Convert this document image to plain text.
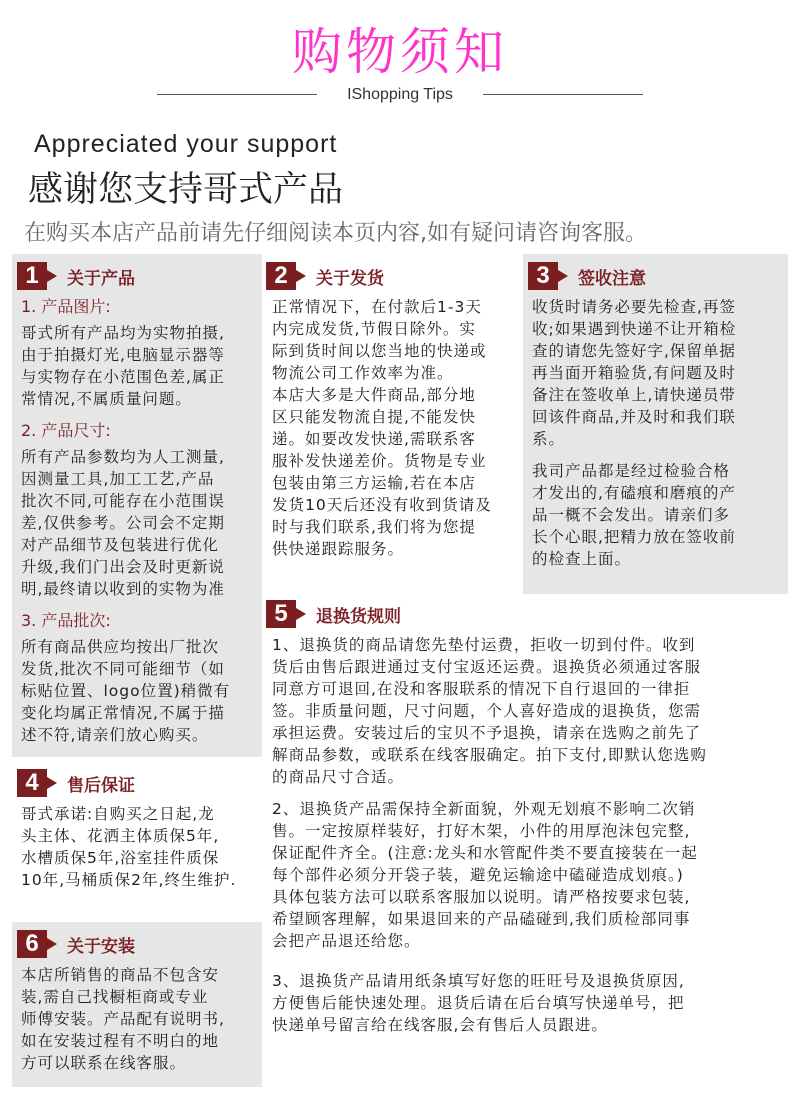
购物须知
IShopping Tips
Appreciated your support
感谢您支持哥式产品
在购买本店产品前请先仔细阅读本页内容,如有疑问请咨询客服。
1	关于产品
1. 产品图片:
哥式所有产品均为实物拍摄,
由于拍摄灯光,电脑显示器等
与实物存在小范围色差,属正
常情况,不属质量问题。
2. 产品尺寸:
所有产品参数均为人工测量,
因测量工具,加工工艺,产品
批次不同,可能存在小范围误
差,仅供参考。公司会不定期
对产品细节及包装进行优化
升级,我们门出会及时更新说
明,最终请以收到的实物为准
3. 产品批次:
所有商品供应均按出厂批次
发货,批次不同可能细节（如
标贴位置、logo位置)稍微有
变化均属正常情况,不属于描
述不符,请亲们放心购买。
2	关于发货
正常情况下，在付款后1-3天
内完成发货,节假日除外。实
际到货时间以您当地的快递或
物流公司工作效率为准。
本店大多是大件商品,部分地
区只能发物流自提,不能发快
递。如要改发快递,需联系客
服补发快递差价。货物是专业
包装由第三方运输,若在本店
发货10天后还没有收到货请及
时与我们联系,我们将为您提
供快递跟踪服务。
3	签收注意
收货时请务必要先检查,再签
收;如果遇到快递不让开箱检
查的请您先签好字,保留单据
再当面开箱验货,有问题及时
备注在签收单上,请快递员带
回该件商品,并及时和我们联
系。
我司产品都是经过检验合格
才发出的,有磕痕和磨痕的产
品一概不会发出。请亲们多
长个心眼,把精力放在签收前
的检查上面。
5	退换货规则
1、退换货的商品请您先垫付运费，拒收一切到付件。收到
货后由售后跟进通过支付宝返还运费。退换货必须通过客服
同意方可退回,在没和客服联系的情况下自行退回的一律拒
签。非质量问题，尺寸问题，个人喜好造成的退换货，您需
承担运费。安装过后的宝贝不予退换，请亲在选购之前先了
解商品参数，或联系在线客服确定。拍下支付,即默认您选购
的商品尺寸合适。
2、退换货产品需保持全新面貌，外观无划痕不影响二次销
售。一定按原样装好，打好木架，小件的用厚泡沫包完整,
保证配件齐全。(注意:龙头和水管配件类不要直接装在一起
每个部件必须分开袋子装，避免运输途中磕碰造成划痕。)
具体包装方法可以联系客服加以说明。请严格按要求包装,
希望顾客理解，如果退回来的产品磕碰到,我们质检部同事
会把产品退还给您。
3、退换货产品请用纸条填写好您的旺旺号及退换货原因,
方便售后能快速处理。退货后请在后台填写快递单号，把
快递单号留言给在线客服,会有售后人员跟进。
4	售后保证
哥式承诺:自购买之日起,龙
头主体、花洒主体质保5年,
水槽质保5年,浴室挂件质保
10年,马桶质保2年,终生维护.
6	关于安装
本店所销售的商品不包含安
装,需自己找橱柜商或专业
师傅安装。产品配有说明书,
如在安装过程有不明白的地
方可以联系在线客服。
